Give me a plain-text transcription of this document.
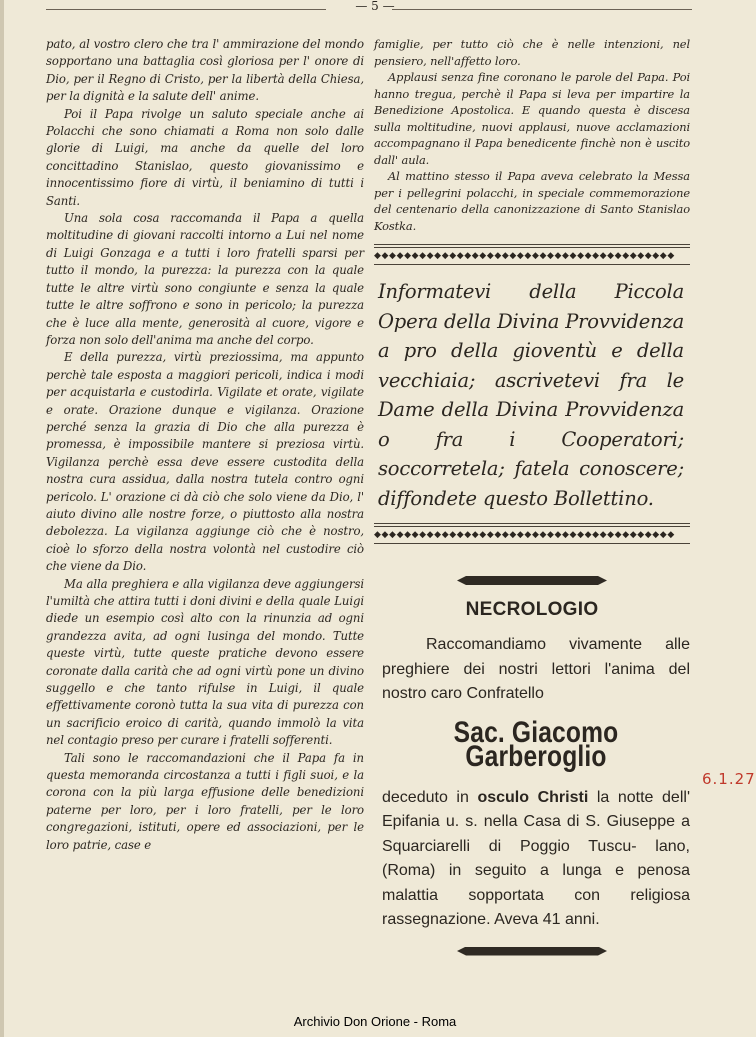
— 5 —

pato, al vostro clero che tra l' ammirazione del mondo sopportano una battaglia così gloriosa per l' onore di Dio, per il Regno di Cristo, per la libertà della Chiesa, per la dignità e la salute dell' anime.

Poi il Papa rivolge un saluto speciale anche ai Polacchi che sono chiamati a Roma non solo dalle glorie di Luigi, ma anche da quelle del loro concittadino Stanislao, questo giovanissimo e innocentissimo fiore di virtù, il beniamino di tutti i Santi.

Una sola cosa raccomanda il Papa a quella moltitudine di giovani raccolti intorno a Lui nel nome di Luigi Gonzaga e a tutti i loro fratelli sparsi per tutto il mondo, la purezza: la purezza con la quale tutte le altre virtù sono congiunte e senza la quale tutte le altre soffrono e sono in pericolo; la purezza che è luce alla mente, generosità al cuore, vigore e forza non solo dell'anima ma anche del corpo.

E della purezza, virtù preziossima, ma appunto perchè tale esposta a maggiori pericoli, indica i modi per acquistarla e custodirla. Vigilate et orate, vigilate e orate. Orazione dunque e vigilanza. Orazione perché senza la grazia di Dio che alla purezza è promessa, è impossibile mantere si preziosa virtù. Vigilanza perchè essa deve essere custodita della nostra cura assidua, dalla nostra tutela contro ogni pericolo. L' orazione ci dà ciò che solo viene da Dio, l' aiuto divino alle nostre forze, o piuttosto alla nostra debolezza. La vigilanza aggiunge ciò che è nostro, cioè lo sforzo della nostra volontà nel custodire ciò che viene da Dio.

Ma alla preghiera e alla vigilanza deve aggiungersi l'umiltà che attira tutti i doni divini e della quale Luigi diede un esempio così alto con la rinunzia ad ogni grandezza avita, ad ogni lusinga del mondo. Tutte queste virtù, tutte queste pratiche devono essere coronate dalla carità che ad ogni virtù pone un divino suggello e che tanto rifulse in Luigi, il quale effettivamente coronò tutta la sua vita di purezza con un sacrificio eroico di carità, quando immolò la vita nel contagio preso per curare i fratelli sofferenti.

Tali sono le raccomandazioni che il Papa fa in questa memoranda circostanza a tutti i figli suoi, e la corona con la più larga effusione delle benedizioni paterne per loro, per i loro fratelli, per le loro congregazioni, istituti, opere ed associazioni, per le loro patrie, case e

famiglie, per tutto ciò che è nelle intenzioni, nel pensiero, nell'affetto loro.

Applausi senza fine coronano le parole del Papa. Poi hanno tregua, perchè il Papa si leva per impartire la Benedizione Apostolica. E quando questa è discesa sulla moltitudine, nuovi applausi, nuove acclamazioni accompagnano il Papa benedicente finchè non è uscito dall' aula.

Al mattino stesso il Papa aveva celebrato la Messa per i pellegrini polacchi, in speciale commemorazione del centenario della canonizzazione di Santo Stanislao Kostka.

◆◆◆◆◆◆◆◆◆◆◆◆◆◆◆◆◆◆◆◆◆◆◆◆◆◆◆◆◆◆◆◆◆◆◆◆◆◆◆◆
Informatevi della Piccola Opera della Divina Provvidenza a pro della gioventù e della vecchiaia; ascrivetevi fra le Dame della Divina Provvidenza o fra i Cooperatori; soccorretela; fatela conoscere; diffondete questo Bollettino.
◆◆◆◆◆◆◆◆◆◆◆◆◆◆◆◆◆◆◆◆◆◆◆◆◆◆◆◆◆◆◆◆◆◆◆◆◆◆◆◆
NECROLOGIO

Raccomandiamo vivamente alle preghiere dei nostri lettori l'anima del nostro caro Confratello

Sac. Giacomo Garberoglio

deceduto in osculo Christi la notte dell' Epifania u. s. nella Casa di S. Giuseppe a Squarciarelli di Poggio Tuscu- lano, (Roma) in seguito a lunga e penosa malattia sopportata con religiosa rassegnazione. Aveva 41 anni.

6.1.27
Archivio Don Orione - Roma
